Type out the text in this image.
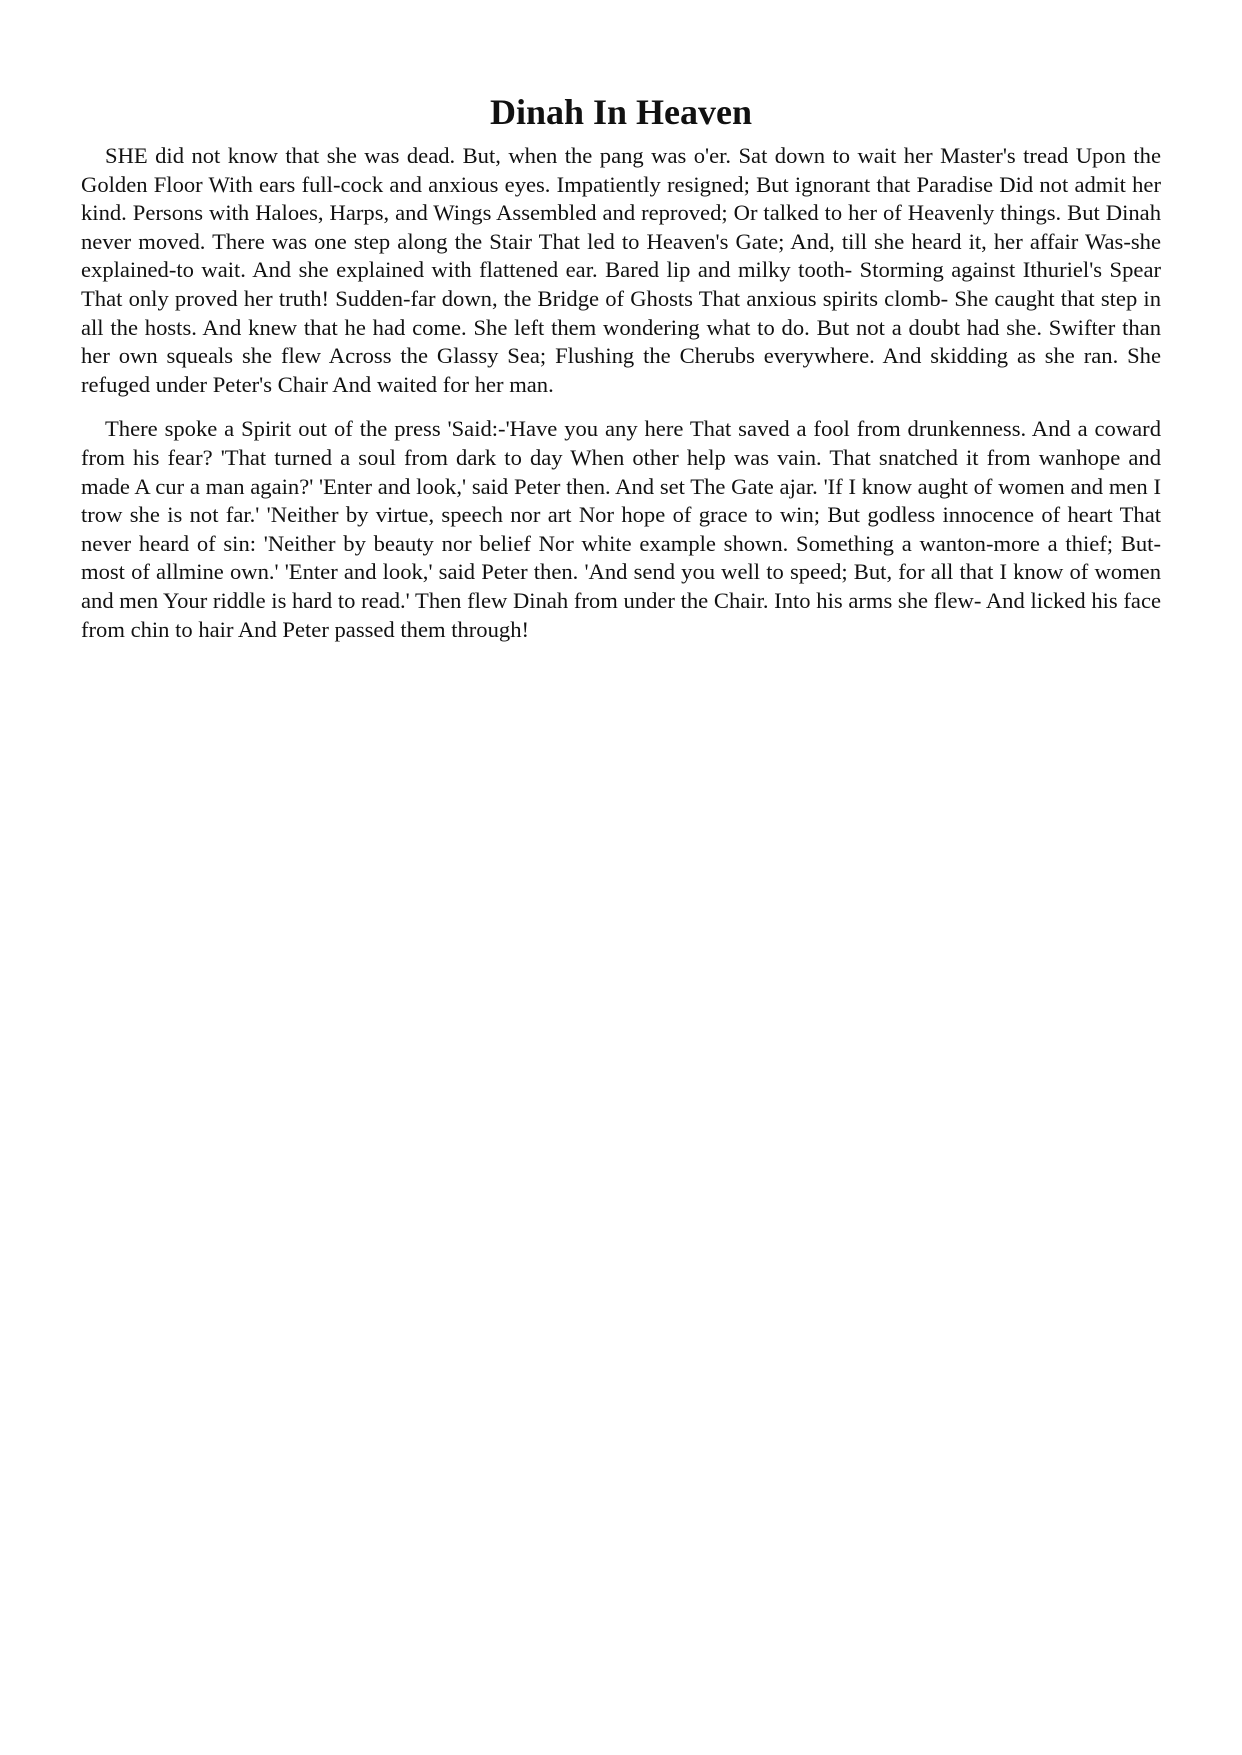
Dinah In Heaven

SHE did not know that she was dead. But, when the pang was o'er. Sat down to wait her Master's tread Upon the Golden Floor With ears full-cock and anxious eyes. Impatiently resigned; But ignorant that Paradise Did not admit her kind. Persons with Haloes, Harps, and Wings Assembled and reproved; Or talked to her of Heavenly things. But Dinah never moved. There was one step along the Stair That led to Heaven's Gate; And, till she heard it, her affair Was-she explained-to wait. And she explained with flattened ear. Bared lip and milky tooth- Storming against Ithuriel's Spear That only proved her truth! Sudden-far down, the Bridge of Ghosts That anxious spirits clomb- She caught that step in all the hosts. And knew that he had come. She left them wondering what to do. But not a doubt had she. Swifter than her own squeals she flew Across the Glassy Sea; Flushing the Cherubs everywhere. And skidding as she ran. She refuged under Peter's Chair And waited for her man.

There spoke a Spirit out of the press 'Said:-'Have you any here That saved a fool from drunkenness. And a coward from his fear? 'That turned a soul from dark to day When other help was vain. That snatched it from wanhope and made A cur a man again?' 'Enter and look,' said Peter then. And set The Gate ajar. 'If I know aught of women and men I trow she is not far.' 'Neither by virtue, speech nor art Nor hope of grace to win; But godless innocence of heart That never heard of sin: 'Neither by beauty nor belief Nor white example shown. Something a wanton-more a thief; But-most of allmine own.' 'Enter and look,' said Peter then. 'And send you well to speed; But, for all that I know of women and men Your riddle is hard to read.' Then flew Dinah from under the Chair. Into his arms she flew- And licked his face from chin to hair And Peter passed them through!
